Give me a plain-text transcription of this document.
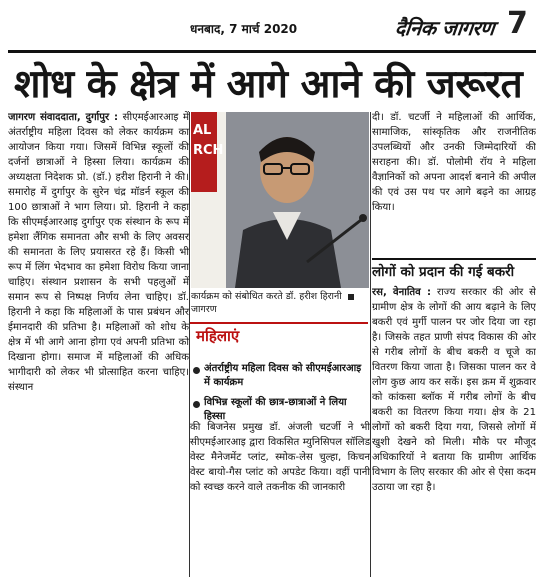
धनबाद, 7 मार्च 2020	दैनिक जागरण 7
शोध के क्षेत्र में आगे आने की जरूरत

जागरण संवाददाता, दुर्गापुर : सीएमईआरआइ में अंतर्राष्ट्रीय महिला दिवस को लेकर कार्यक्रम का आयोजन किया गया। जिसमें विभिन्न स्कूलों की दर्जनों छात्राओं ने हिस्सा लिया। कार्यक्रम की अध्यक्षता निदेशक प्रो. (डॉ.) हरीश हिरानी ने की। समारोह में दुर्गापुर के सुरेन चंद्र मॉडर्न स्कूल की 100 छात्राओं ने भाग लिया। प्रो. हिरानी ने कहा कि सीएमईआरआइ दुर्गापुर एक संस्थान के रूप में हमेशा लैंगिक समानता और सभी के लिए अवसर की समानता के लिए प्रयासरत रहे हैं। किसी भी रूप में लिंग भेदभाव का हमेशा विरोध किया जाना चाहिए। संस्थान प्रशासन के सभी पहलुओं में समान रूप से निष्पक्ष निर्णय लेना चाहिए। डॉ. हिरानी ने कहा कि महिलाओं के पास प्रबंधन और ईमानदारी की प्रतिभा है। महिलाओं को शोध के क्षेत्र में भी आगे आना होगा एवं अपनी प्रतिभा को दिखाना होगा। समाज में महिलाओं की अधिक भागीदारी को लेकर भी प्रोत्साहित करना चाहिए। संस्थान

AL
RCH
कार्यक्रम को संबोधित करते डॉ. हरीश हिरानी जागरण
महिलाएं
अंतर्राष्ट्रीय महिला दिवस को सीएमईआरआइ में कार्यक्रम
विभिन्न स्कूलों की छात्र-छात्राओं ने लिया हिस्सा

की बिजनेस प्रमुख डॉ. अंजली चटर्जी ने भी सीएमईआरआइ द्वारा विकसित म्युनिसिपल सॉलिड वेस्ट मैनेजमेंट प्लांट, स्मोक-लेस चुल्हा, किचन वेस्ट बायो-गैस प्लांट को अपडेट किया। वहीं पानी को स्वच्छ करने वाले तकनीक की जानकारी

दी। डॉ. चटर्जी ने महिलाओं की आर्थिक, सामाजिक, सांस्कृतिक और राजनीतिक उपलब्धियों और उनकी जिम्मेदारियों की सराहना की। डॉ. पोलोमी रॉय ने महिला वैज्ञानिकों को अपना आदर्श बनाने की अपील की एवं उस पथ पर आगे बढ़ने का आग्रह किया।

लोगों को प्रदान की गई बकरी

रस, वेनातिव : राज्य सरकार की ओर से ग्रामीण क्षेत्र के लोगों की आय बढ़ाने के लिए बकरी एवं मुर्गी पालन पर जोर दिया जा रहा है। जिसके तहत प्राणी संपद विकास की ओर से गरीब लोगों के बीच बकरी व चूजे का वितरण किया जाता है। जिसका पालन कर वे लोग कुछ आय कर सकें। इस क्रम में शुक्रवार को कांकसा ब्लॉक में गरीब लोगों के बीच बकरी का वितरण किया गया। क्षेत्र के 21 लोगों को बकरी दिया गया, जिससे लोगों में खुशी देखने को मिली। मौके पर मौजूद अधिकारियों ने बताया कि ग्रामीण आर्थिक विभाग के लिए सरकार की ओर से ऐसा कदम उठाया जा रहा है।
